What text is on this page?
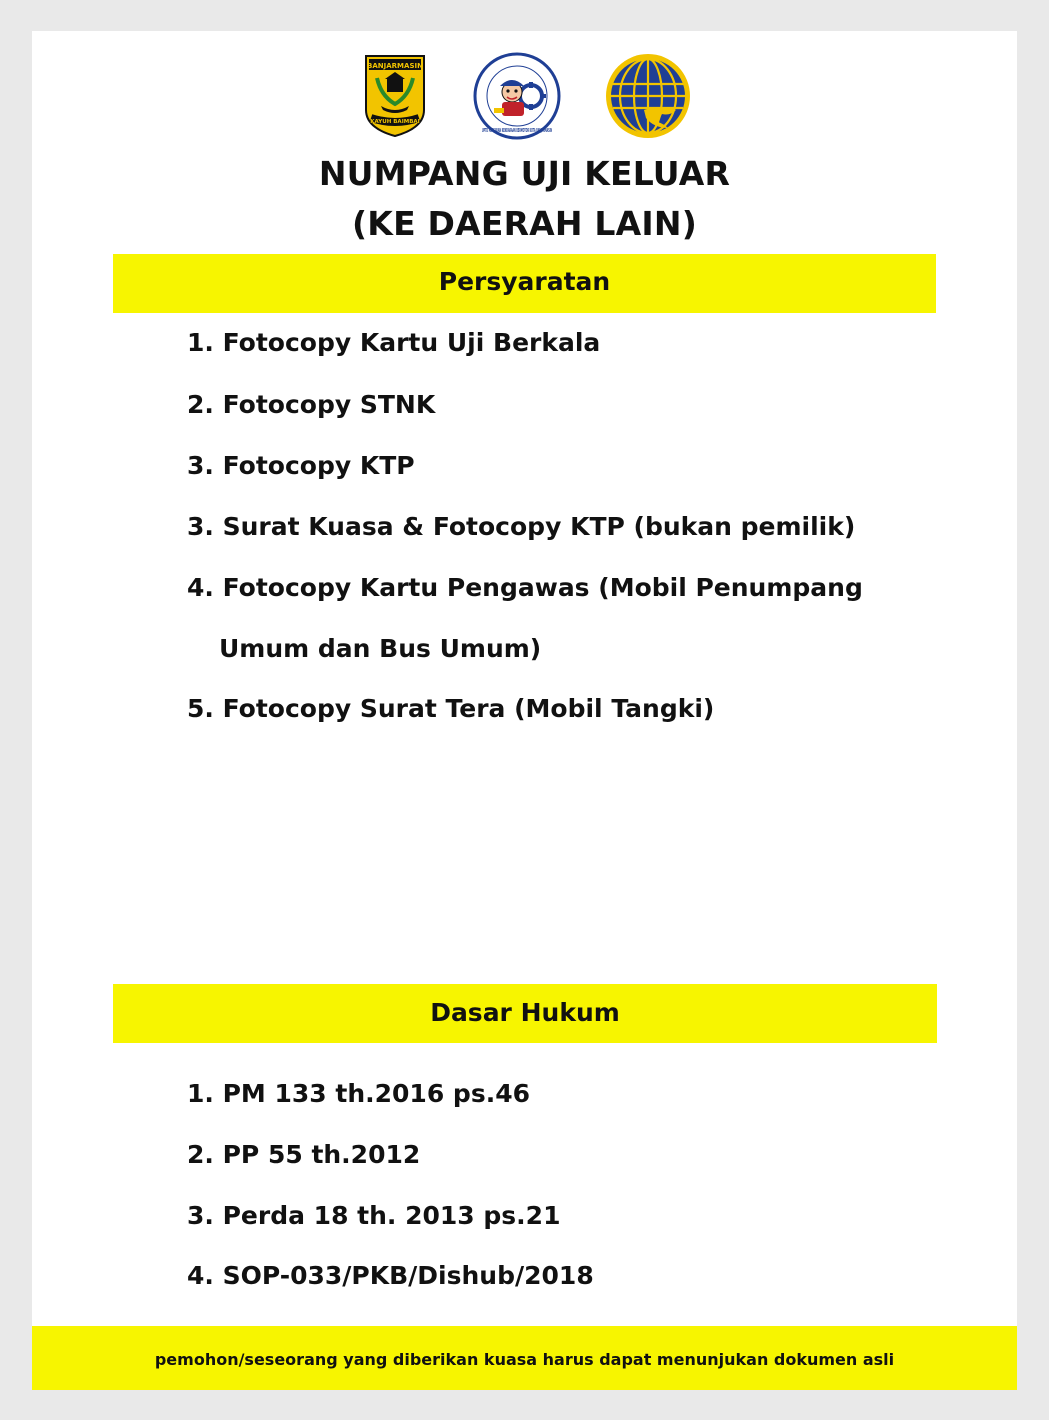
BANJARMASIN
KAYUH BAIMBAI
UPTD PENGUJIAN KENDARAAN BERMOTOR KOTA BANJARMASIN
NUMPANG UJI KELUAR
(KE DAERAH LAIN)
Persyaratan
1. Fotocopy Kartu Uji Berkala
2. Fotocopy STNK
3. Fotocopy KTP
3. Surat Kuasa & Fotocopy KTP (bukan pemilik)
4. Fotocopy Kartu Pengawas (Mobil Penumpang
Umum dan Bus Umum)
5. Fotocopy Surat Tera (Mobil Tangki)
Dasar Hukum
1. PM 133 th.2016 ps.46
2. PP 55 th.2012
3. Perda 18 th. 2013 ps.21
4. SOP-033/PKB/Dishub/2018
pemohon/seseorang yang diberikan kuasa harus dapat menunjukan dokumen asli
